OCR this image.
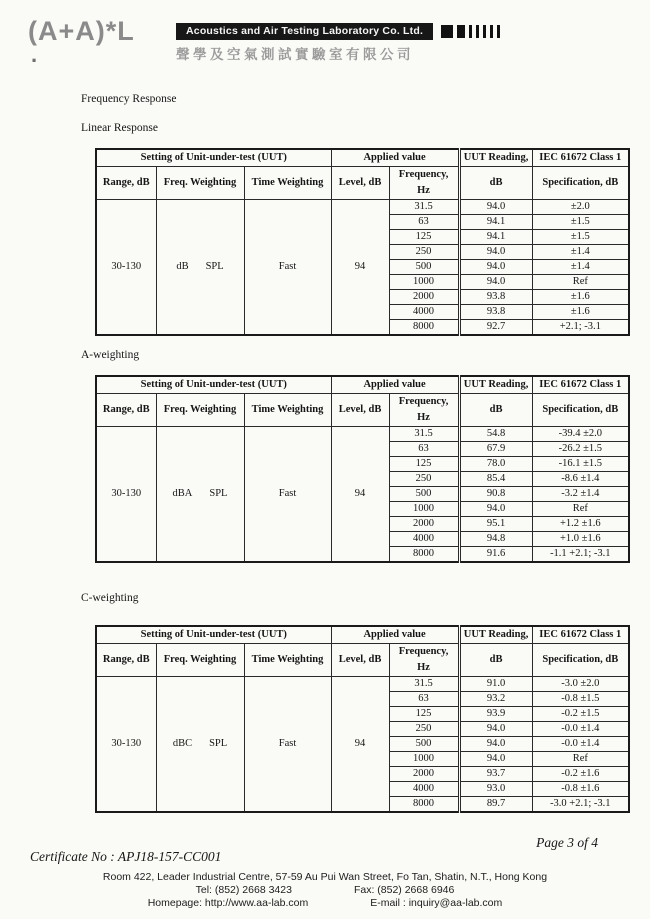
(A+A)*L
.
Acoustics and Air Testing Laboratory Co. Ltd.
聲學及空氣測試實驗室有限公司
Frequency Response
Linear Response
Setting of Unit-under-test (UUT)			Applied value		UUT Reading,	IEC 61672 Class 1
Range, dB	Freq. Weighting	Time Weighting	Level, dB	Frequency, Hz	dB	Specification, dB
30-130	dB SPL	Fast	94	31.5	94.0	±2.0
				63	94.1	±1.5
				125	94.1	±1.5
				250	94.0	±1.4
				500	94.0	±1.4
				1000	94.0	Ref
				2000	93.8	±1.6
				4000	93.8	±1.6
				8000	92.7	+2.1; -3.1
A-weighting
Setting of Unit-under-test (UUT)			Applied value		UUT Reading,	IEC 61672 Class 1
Range, dB	Freq. Weighting	Time Weighting	Level, dB	Frequency, Hz	dB	Specification, dB
30-130	dBA SPL	Fast	94	31.5	54.8	-39.4 ±2.0
				63	67.9	-26.2 ±1.5
				125	78.0	-16.1 ±1.5
				250	85.4	-8.6 ±1.4
				500	90.8	-3.2 ±1.4
				1000	94.0	Ref
				2000	95.1	+1.2 ±1.6
				4000	94.8	+1.0 ±1.6
				8000	91.6	-1.1 +2.1; -3.1
C-weighting
Setting of Unit-under-test (UUT)			Applied value		UUT Reading,	IEC 61672 Class 1
Range, dB	Freq. Weighting	Time Weighting	Level, dB	Frequency, Hz	dB	Specification, dB
30-130	dBC SPL	Fast	94	31.5	91.0	-3.0 ±2.0
				63	93.2	-0.8 ±1.5
				125	93.9	-0.2 ±1.5
				250	94.0	-0.0 ±1.4
				500	94.0	-0.0 ±1.4
				1000	94.0	Ref
				2000	93.7	-0.2 ±1.6
				4000	93.0	-0.8 ±1.6
				8000	89.7	-3.0 +2.1; -3.1
Certificate No : APJ18-157-CC001
Page 3 of 4
Room 422, Leader Industrial Centre, 57-59 Au Pui Wan Street, Fo Tan, Shatin, N.T., Hong Kong
Tel: (852) 2668 3423	Fax: (852) 2668 6946
Homepage: http://www.aa-lab.com	E-mail : inquiry@aa-lab.com
